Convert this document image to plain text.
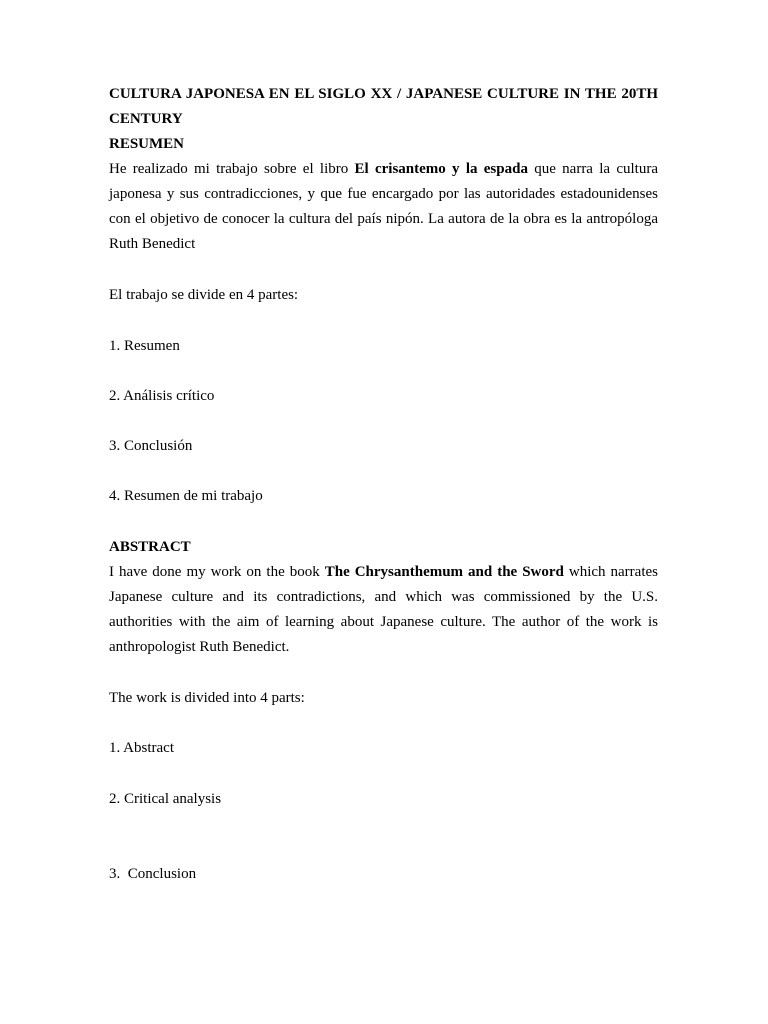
CULTURA JAPONESA EN EL SIGLO XX / JAPANESE CULTURE IN THE 20TH CENTURY

RESUMEN

He realizado mi trabajo sobre el libro El crisantemo y la espada que narra la cultura japonesa y sus contradicciones, y que fue encargado por las autoridades estadounidenses con el objetivo de conocer la cultura del país nipón. La autora de la obra es la antropóloga Ruth Benedict

El trabajo se divide en 4 partes:

1. Resumen

2. Análisis crítico

3. Conclusión

4. Resumen de mi trabajo

ABSTRACT

I have done my work on the book The Chrysanthemum and the Sword which narrates Japanese culture and its contradictions, and which was commissioned by the U.S. authorities with the aim of learning about Japanese culture. The author of the work is anthropologist Ruth Benedict.

The work is divided into 4 parts:

1. Abstract

2. Critical analysis

3.  Conclusion
